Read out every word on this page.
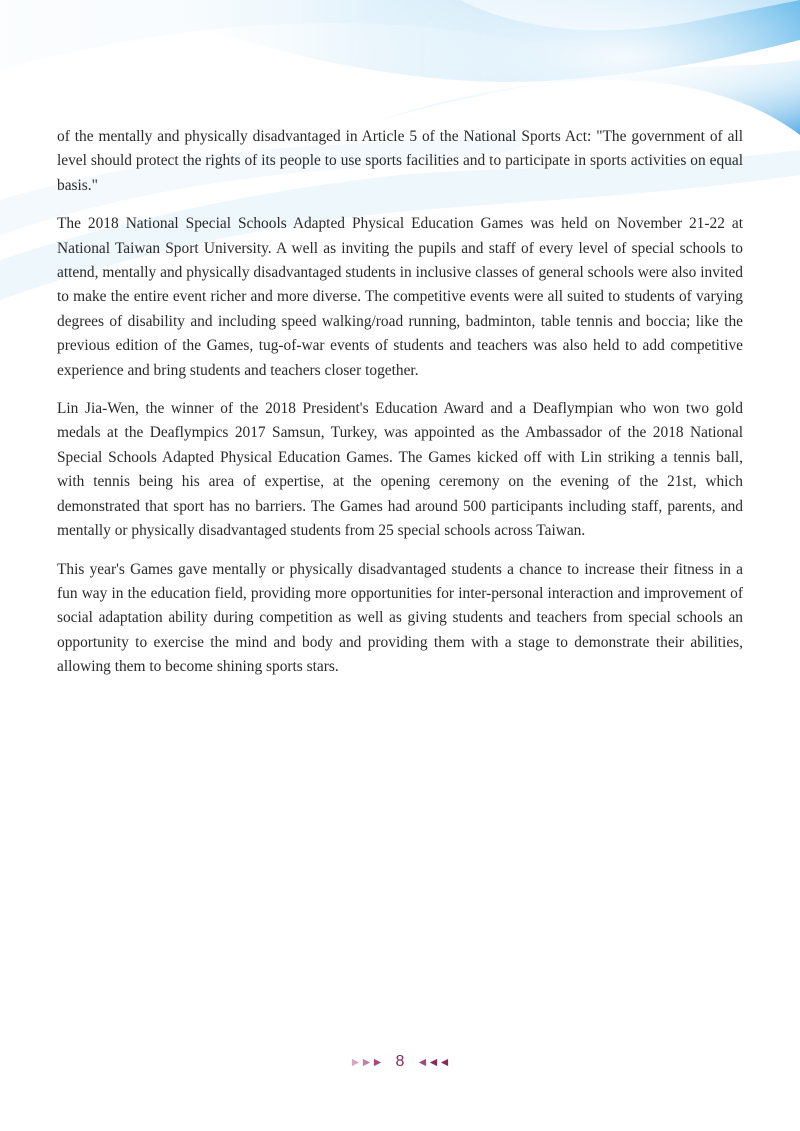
of the mentally and physically disadvantaged in Article 5 of the National Sports Act: "The government of all level should protect the rights of its people to use sports facilities and to participate in sports activities on equal basis."

The 2018 National Special Schools Adapted Physical Education Games was held on November 21-22 at National Taiwan Sport University. A well as inviting the pupils and staff of every level of special schools to attend, mentally and physically disadvantaged students in inclusive classes of general schools were also invited to make the entire event richer and more diverse. The competitive events were all suited to students of varying degrees of disability and including speed walking/road running, badminton, table tennis and boccia; like the previous edition of the Games, tug-of-war events of students and teachers was also held to add competitive experience and bring students and teachers closer together.

Lin Jia-Wen, the winner of the 2018 President's Education Award and a Deaflympian who won two gold medals at the Deaflympics 2017 Samsun, Turkey, was appointed as the Ambassador of the 2018 National Special Schools Adapted Physical Education Games. The Games kicked off with Lin striking a tennis ball, with tennis being his area of expertise, at the opening ceremony on the evening of the 21st, which demonstrated that sport has no barriers. The Games had around 500 participants including staff, parents, and mentally or physically disadvantaged students from 25 special schools across Taiwan.

This year's Games gave mentally or physically disadvantaged students a chance to increase their fitness in a fun way in the education field, providing more opportunities for inter-personal interaction and improvement of social adaptation ability during competition as well as giving students and teachers from special schools an opportunity to exercise the mind and body and providing them with a stage to demonstrate their abilities, allowing them to become shining sports stars.

8
